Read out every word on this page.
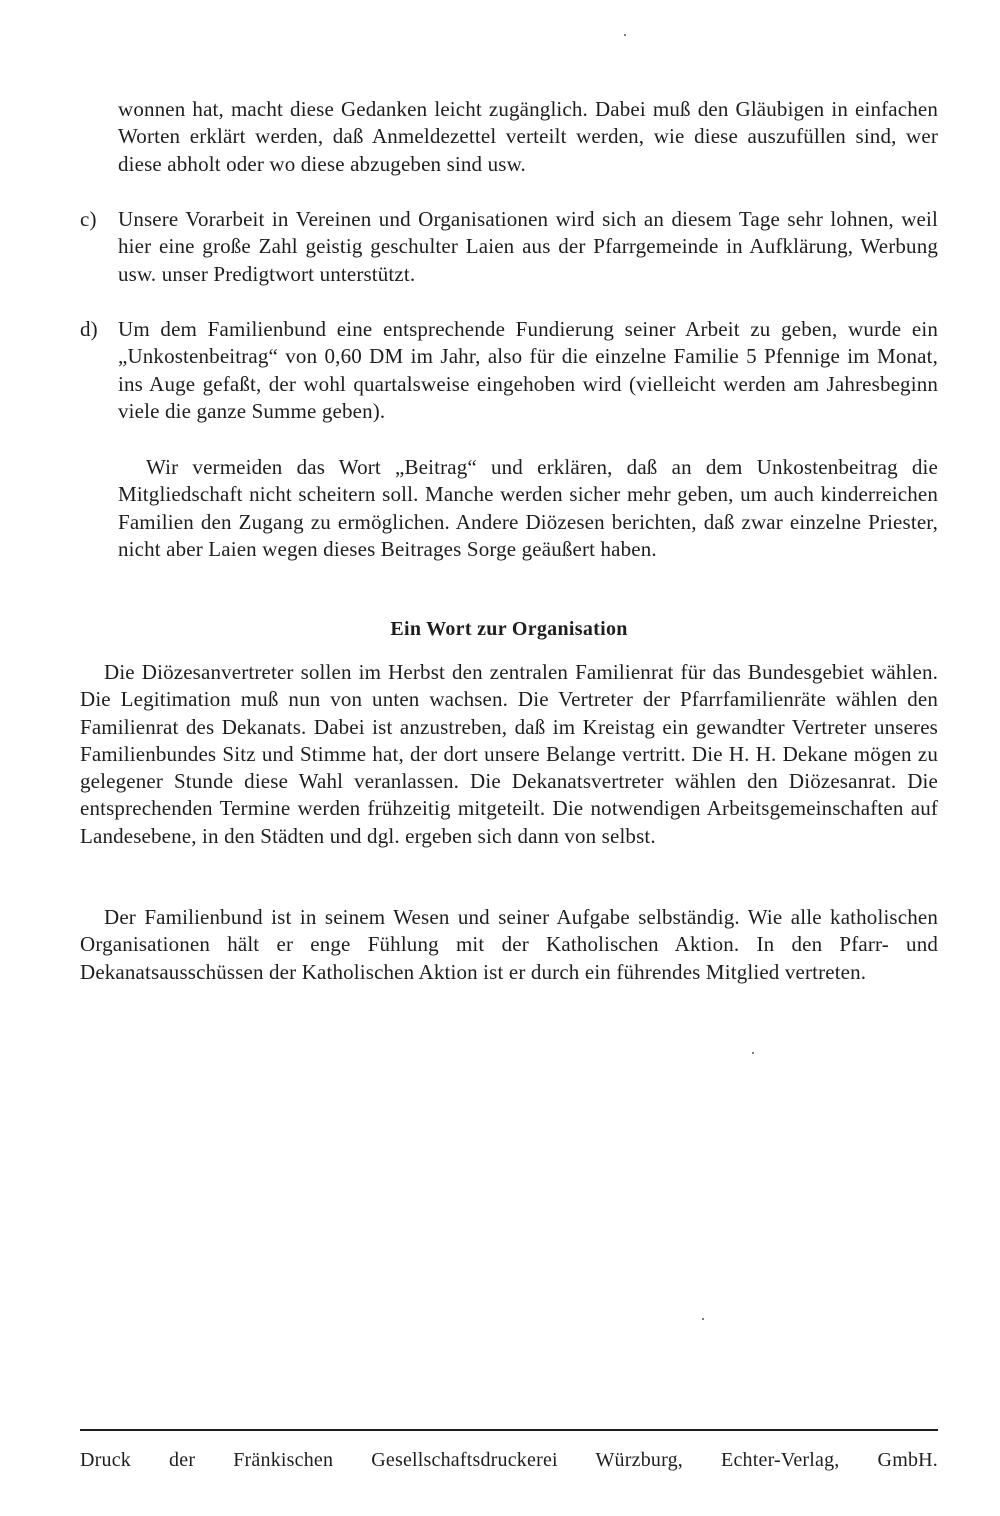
wonnen hat, macht diese Gedanken leicht zugänglich. Dabei muß den Gläubigen in einfachen Worten erklärt werden, daß Anmeldezettel verteilt werden, wie diese auszufüllen sind, wer diese abholt oder wo diese abzugeben sind usw.

c)	Unsere Vorarbeit in Vereinen und Organisationen wird sich an diesem Tage sehr lohnen, weil hier eine große Zahl geistig geschulter Laien aus der Pfarrgemeinde in Aufklärung, Werbung usw. unser Predigtwort unterstützt.

d) Um dem Familienbund eine entsprechende Fundierung seiner Arbeit zu geben, wurde ein „Unkostenbeitrag“ von 0,60 DM im Jahr, also für die einzelne Familie 5 Pfennige im Monat, ins Auge gefaßt, der wohl quartalsweise eingehoben wird (vielleicht werden am Jahresbeginn viele die ganze Summe geben).

Wir vermeiden das Wort „Beitrag“ und erklären, daß an dem Unkostenbeitrag die Mitgliedschaft nicht scheitern soll. Manche werden sicher mehr geben, um auch kinderreichen Familien den Zugang zu ermöglichen. Andere Diözesen berichten, daß zwar einzelne Priester, nicht aber Laien wegen dieses Beitrages Sorge geäußert haben.

Ein Wort zur Organisation

Die Diözesanvertreter sollen im Herbst den zentralen Familienrat für das Bundesgebiet wählen. Die Legitimation muß nun von unten wachsen. Die Vertreter der Pfarrfamilienräte wählen den Familienrat des Dekanats. Dabei ist anzustreben, daß im Kreistag ein gewandter Vertreter unseres Familienbundes Sitz und Stimme hat, der dort unsere Belange vertritt. Die H. H. Dekane mögen zu gelegener Stunde diese Wahl veranlassen. Die Dekanatsvertreter wählen den Diözesanrat. Die entsprechenden Termine werden frühzeitig mitgeteilt. Die notwendigen Arbeitsgemeinschaften auf Landesebene, in den Städten und dgl. ergeben sich dann von selbst.

Der Familienbund ist in seinem Wesen und seiner Aufgabe selbständig. Wie alle katholischen Organisationen hält er enge Fühlung mit der Katholischen Aktion. In den Pfarr- und Dekanatsausschüssen der Katholischen Aktion ist er durch ein führendes Mitglied vertreten.

Druck der Fränkischen Gesellschaftsdruckerei Würzburg, Echter-Verlag, GmbH.
